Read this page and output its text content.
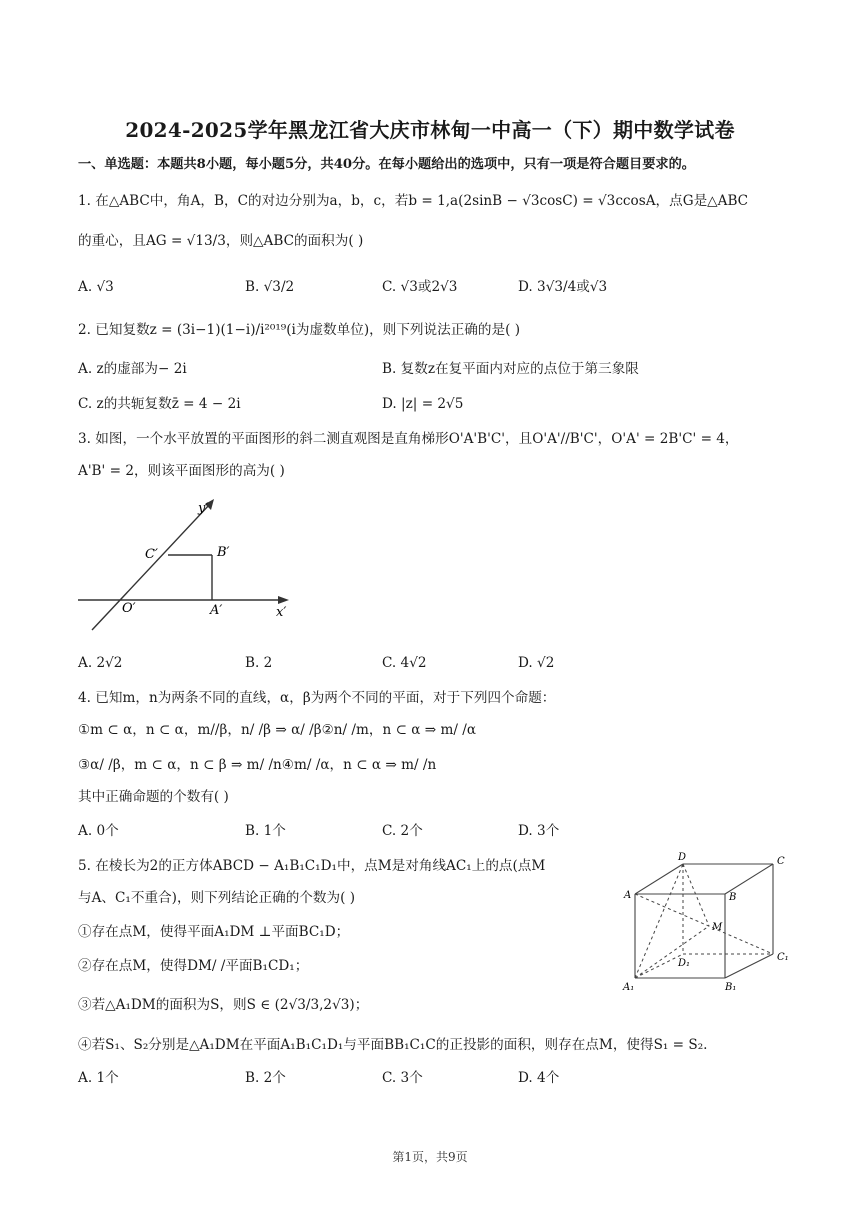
2024-2025学年黑龙江省大庆市林甸一中高一（下）期中数学试卷
一、单选题：本题共8小题，每小题5分，共40分。在每小题给出的选项中，只有一项是符合题目要求的。
1. 在△ABC中，角A，B，C的对边分别为a，b，c，若b = 1,a(2sinB − √3cosC) = √3ccosA，点G是△ABC
的重心，且AG = √13/3，则△ABC的面积为( )
A. √3	B. √3/2	C. √3或2√3	D. 3√3/4或√3
2. 已知复数z = (3i−1)(1−i)/i²⁰¹⁹(i为虚数单位)，则下列说法正确的是( )
A. z的虚部为− 2i	B. 复数z在复平面内对应的点位于第三象限
C. z的共轭复数z̄ = 4 − 2i	D. |z| = 2√5
3. 如图，一个水平放置的平面图形的斜二测直观图是直角梯形O'A'B'C'，且O'A'//B'C'，O'A' = 2B'C' = 4，
A'B' = 2，则该平面图形的高为( )
y′
x′
O′	A′
B′
C′
A. 2√2	B. 2	C. 4√2	D. √2
4. 已知m，n为两条不同的直线，α，β为两个不同的平面，对于下列四个命题：
①m ⊂ α，n ⊂ α，m//β，n/ /β ⇒ α/ /β②n/ /m，n ⊂ α ⇒ m/ /α
③α/ /β，m ⊂ α，n ⊂ β ⇒ m/ /n④m/ /α，n ⊂ α ⇒ m/ /n
其中正确命题的个数有( )
A. 0个	B. 1个	C. 2个	D. 3个
5. 在棱长为2的正方体ABCD − A₁B₁C₁D₁中，点M是对角线AC₁上的点(点M
与A、C₁不重合)，则下列结论正确的个数为( )
①存在点M，使得平面A₁DM ⊥平面BC₁D；
②存在点M，使得DM/ /平面B₁CD₁；
③若△A₁DM的面积为S，则S ∈ (2√3/3,2√3)；
④若S₁、S₂分别是△A₁DM在平面A₁B₁C₁D₁与平面BB₁C₁C的正投影的面积，则存在点M，使得S₁ = S₂.
D	C
A	B
M
D₁
C₁
A₁	B₁
A. 1个	B. 2个	C. 3个	D. 4个
第1页，共9页
